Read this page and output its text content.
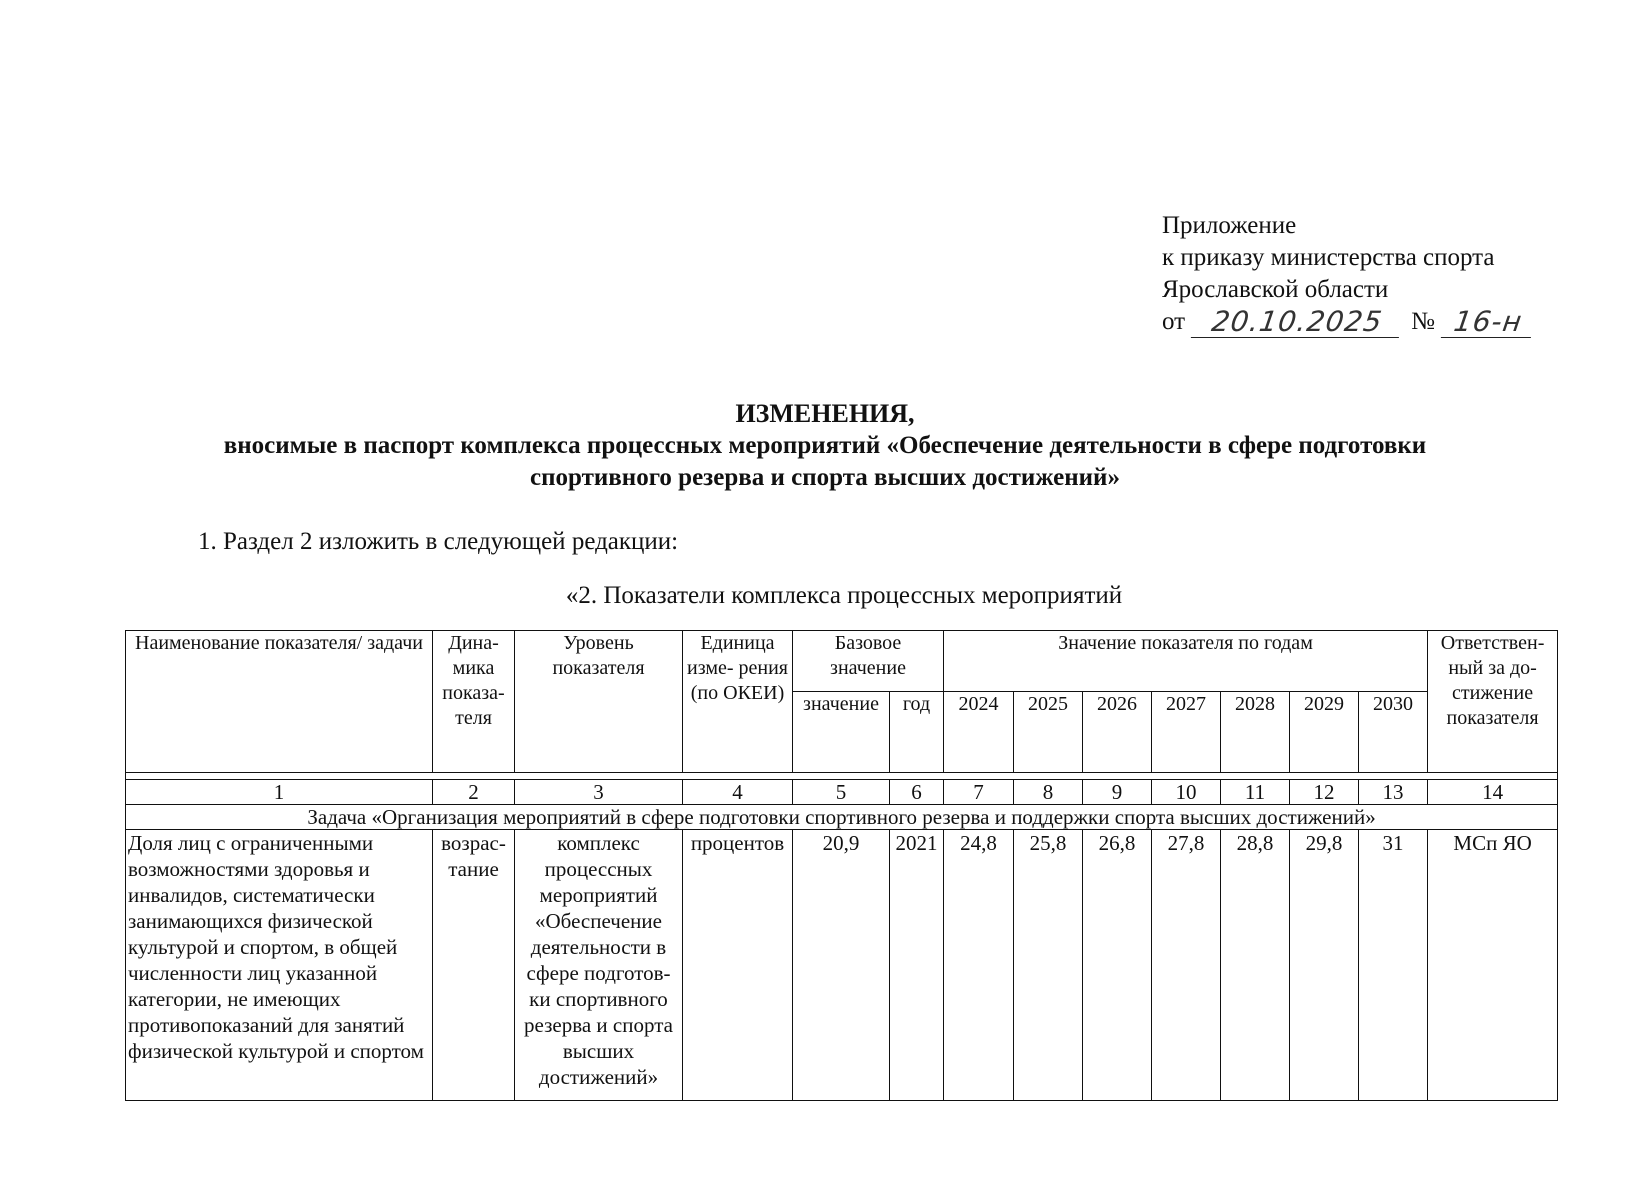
Приложение
к приказу министерства спорта
Ярославской области
от 20.10.2025	№ 16-н
ИЗМЕНЕНИЯ,
вносимые в паспорт комплекса процессных мероприятий «Обеспечение деятельности в сфере подготовки
спортивного резерва и спорта высших достижений»
1. Раздел 2 изложить в следующей редакции:
«2. Показатели комплекса процессных мероприятий
Наименование показателя/ задачи	Дина- мика показа- теля	Уровень показателя	Единица изме- рения (по ОКЕИ)	Базовое значение		Значение показателя по годам							Ответствен- ный за до- стижение показателя
				значение	год	2024	2025	2026	2027	2028	2029	2030	

1	2	3	4	5	6	7	8	9	10	11	12	13	14
Задача «Организация мероприятий в сфере подготовки спортивного резерва и поддержки спорта высших достижений»													
Доля лиц с ограниченными возможностями здоровья и инвалидов, систематически занимающихся физической культурой и спортом, в общей численности лиц указанной категории, не имеющих противопоказаний для занятий физической культурой и спортом	возрас- тание	комплекс процессных мероприятий «Обеспечение деятельности в сфере подготов- ки спортивного резерва и спорта высших достижений»	процентов	20,9	2021	24,8	25,8	26,8	27,8	28,8	29,8	31	МСп ЯО
